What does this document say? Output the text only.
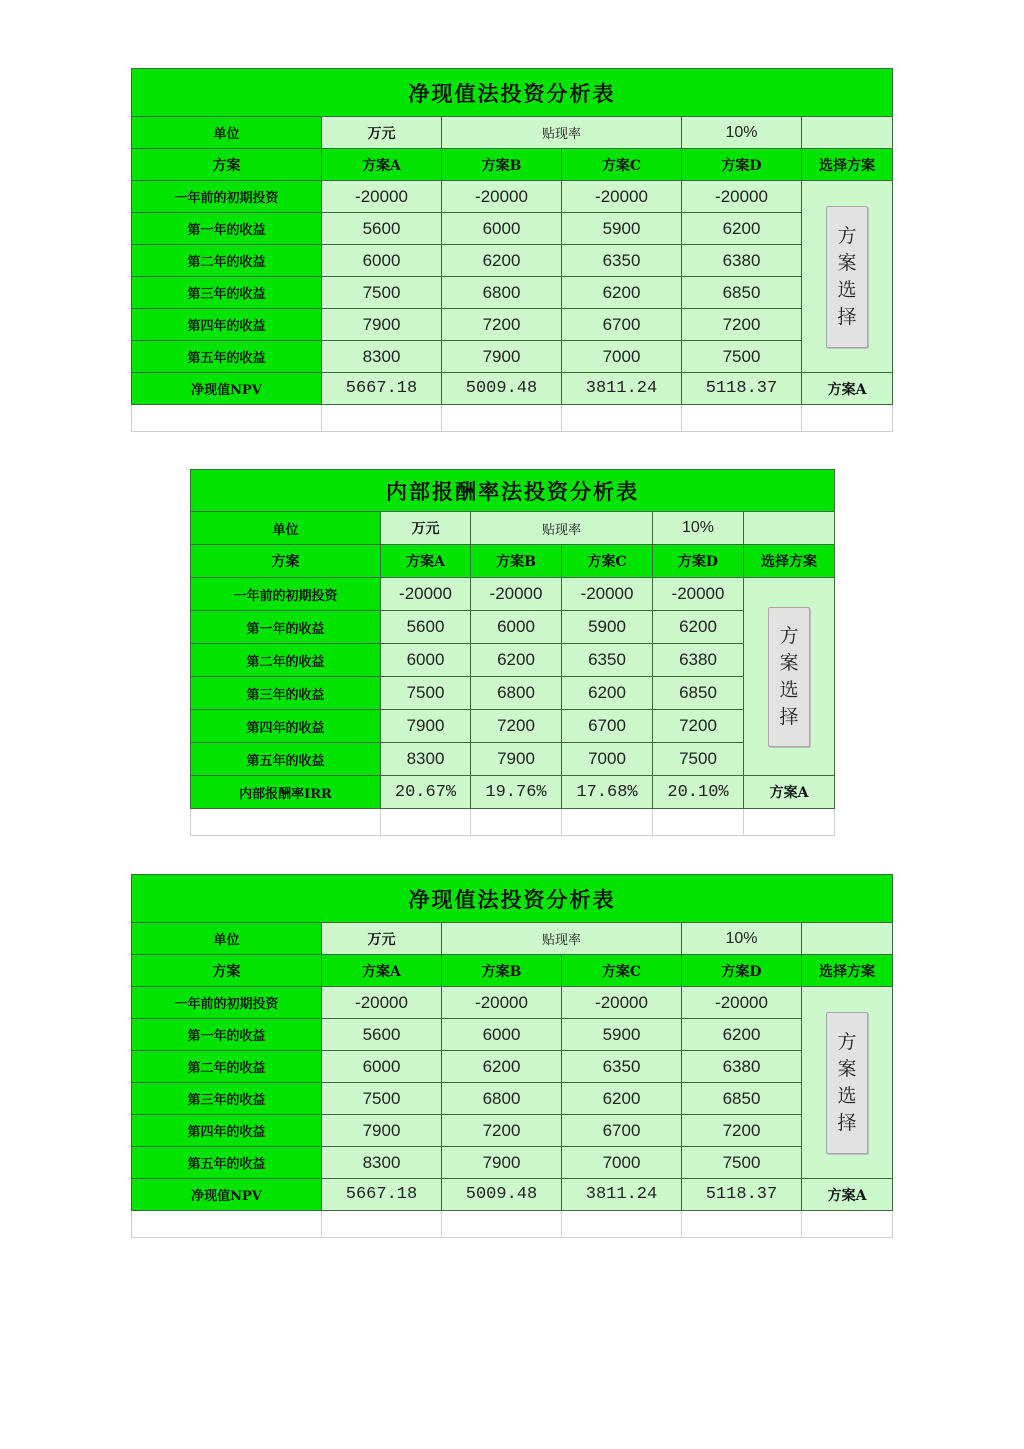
净现值法投资分析表					
单位	万元	贴现率		10%	
方案	方案A	方案B	方案C	方案D	选择方案
一年前的初期投资	-20000	-20000	-20000	-20000	方
案
选
择

第一年的收益	5600	6000	5900	6200	
第二年的收益	6000	6200	6350	6380	
第三年的收益	7500	6800	6200	6850	
第四年的收益	7900	7200	6700	7200	
第五年的收益	8300	7900	7000	7500	
净现值NPV	5667.18	5009.48	3811.24	5118.37	方案A

内部报酬率法投资分析表					
单位	万元	贴现率		10%	
方案	方案A	方案B	方案C	方案D	选择方案
一年前的初期投资	-20000	-20000	-20000	-20000	方
案
选
择

第一年的收益	5600	6000	5900	6200	
第二年的收益	6000	6200	6350	6380	
第三年的收益	7500	6800	6200	6850	
第四年的收益	7900	7200	6700	7200	
第五年的收益	8300	7900	7000	7500	
内部报酬率IRR	20.67%	19.76%	17.68%	20.10%	方案A

净现值法投资分析表					
单位	万元	贴现率		10%	
方案	方案A	方案B	方案C	方案D	选择方案
一年前的初期投资	-20000	-20000	-20000	-20000	方
案
选
择

第一年的收益	5600	6000	5900	6200	
第二年的收益	6000	6200	6350	6380	
第三年的收益	7500	6800	6200	6850	
第四年的收益	7900	7200	6700	7200	
第五年的收益	8300	7900	7000	7500	
净现值NPV	5667.18	5009.48	3811.24	5118.37	方案A
